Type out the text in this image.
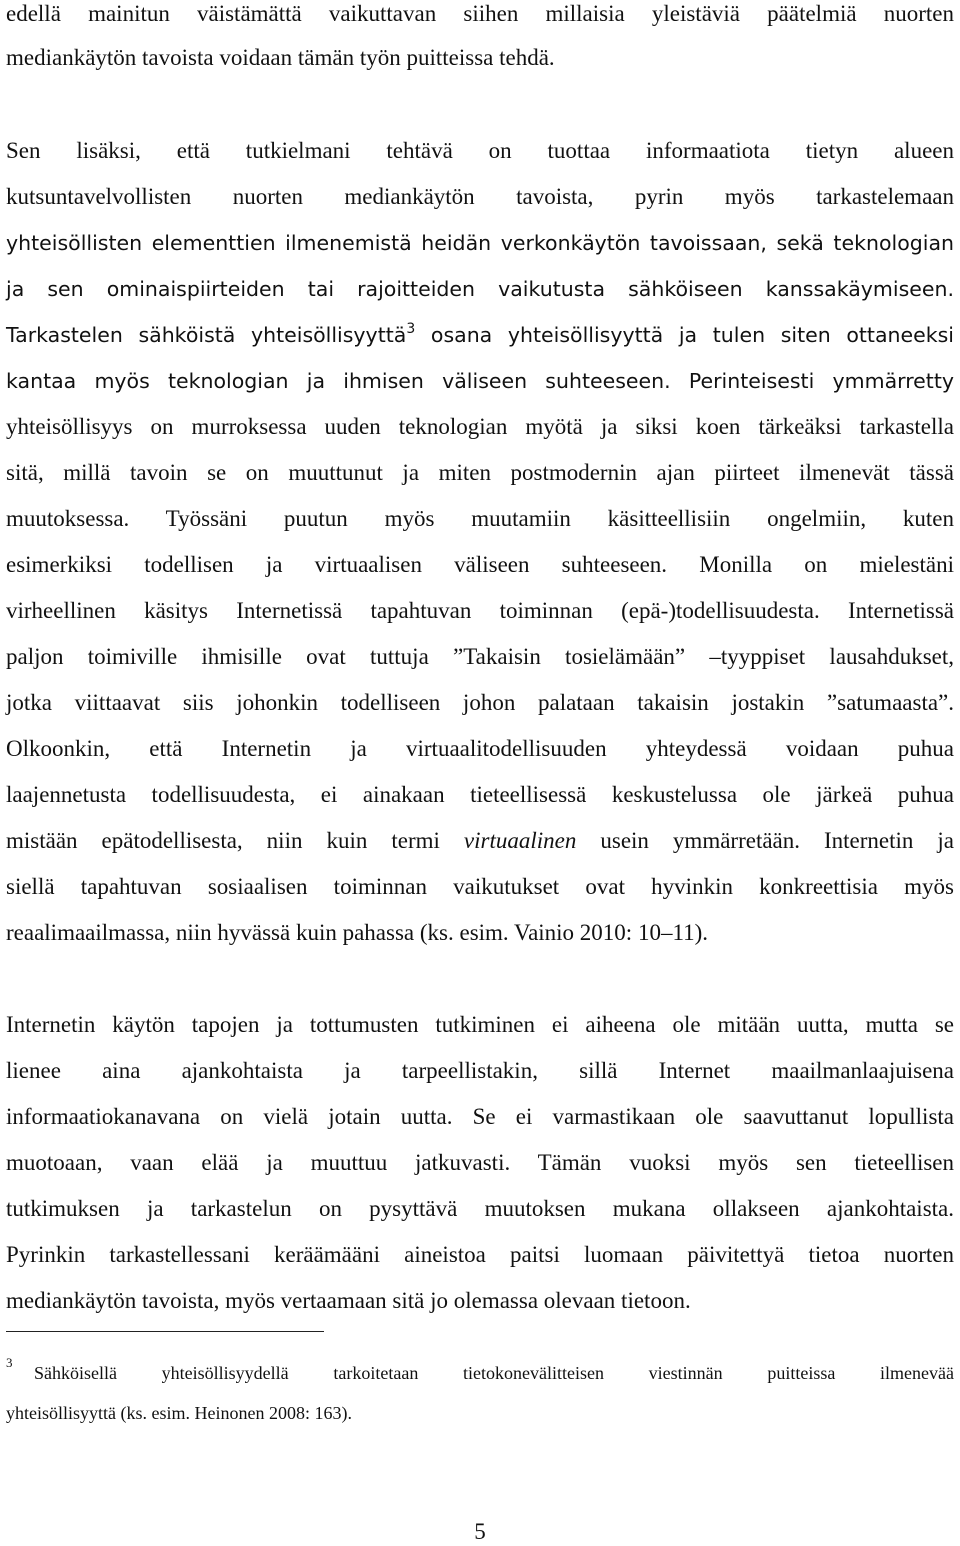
edellä mainitun väistämättä vaikuttavan siihen millaisia yleistäviä päätelmiä nuorten
mediankäytön tavoista voidaan tämän työn puitteissa tehdä.
Sen lisäksi, että tutkielmani tehtävä on tuottaa informaatiota tietyn alueen
kutsuntavelvollisten nuorten mediankäytön tavoista, pyrin myös tarkastelemaan
yhteisöllisten elementtien ilmenemistä heidän verkonkäytön tavoissaan, sekä teknologian
ja sen ominaispiirteiden tai rajoitteiden vaikutusta sähköiseen kanssakäymiseen.
Tarkastelen sähköistä yhteisöllisyyttä$^3$ osana yhteisöllisyyttä ja tulen siten ottaneeksi
kantaa myös teknologian ja ihmisen väliseen suhteeseen. Perinteisesti ymmärretty
yhteisöllisyys on murroksessa uuden teknologian myötä ja siksi koen tärkeäksi tarkastella
sitä, millä tavoin se on muuttunut ja miten postmodernin ajan piirteet ilmenevät tässä
muutoksessa. Työssäni puutun myös muutamiin käsitteellisiin ongelmiin, kuten
esimerkiksi todellisen ja virtuaalisen väliseen suhteeseen. Monilla on mielestäni
virheellinen käsitys Internetissä tapahtuvan toiminnan (epä-)todellisuudesta. Internetissä
paljon toimiville ihmisille ovat tuttuja ”Takaisin tosielämään” –tyyppiset lausahdukset,
jotka viittaavat siis johonkin todelliseen johon palataan takaisin jostakin ”satumaasta”.
Olkoonkin, että Internetin ja virtuaalitodellisuuden yhteydessä voidaan puhua
laajennetusta todellisuudesta, ei ainakaan tieteellisessä keskustelussa ole järkeä puhua
mistään epätodellisesta, niin kuin termi virtuaalinen usein ymmärretään. Internetin ja
siellä tapahtuvan sosiaalisen toiminnan vaikutukset ovat hyvinkin konkreettisia myös
reaalimaailmassa, niin hyvässä kuin pahassa (ks. esim. Vainio 2010: 10–11).
Internetin käytön tapojen ja tottumusten tutkiminen ei aiheena ole mitään uutta, mutta se
lienee aina ajankohtaista ja tarpeellistakin, sillä Internet maailmanlaajuisena
informaatiokanavana on vielä jotain uutta. Se ei varmastikaan ole saavuttanut lopullista
muotoaan, vaan elää ja muuttuu jatkuvasti. Tämän vuoksi myös sen tieteellisen
tutkimuksen ja tarkastelun on pysyttävä muutoksen mukana ollakseen ajankohtaista.
Pyrinkin tarkastellessani keräämääni aineistoa paitsi luomaan päivitettyä tietoa nuorten
mediankäytön tavoista, myös vertaamaan sitä jo olemassa olevaan tietoon.
3
Sähköisellä yhteisöllisyydellä tarkoitetaan tietokonevälitteisen viestinnän puitteissa ilmenevää
yhteisöllisyyttä (ks. esim. Heinonen 2008: 163).
5
